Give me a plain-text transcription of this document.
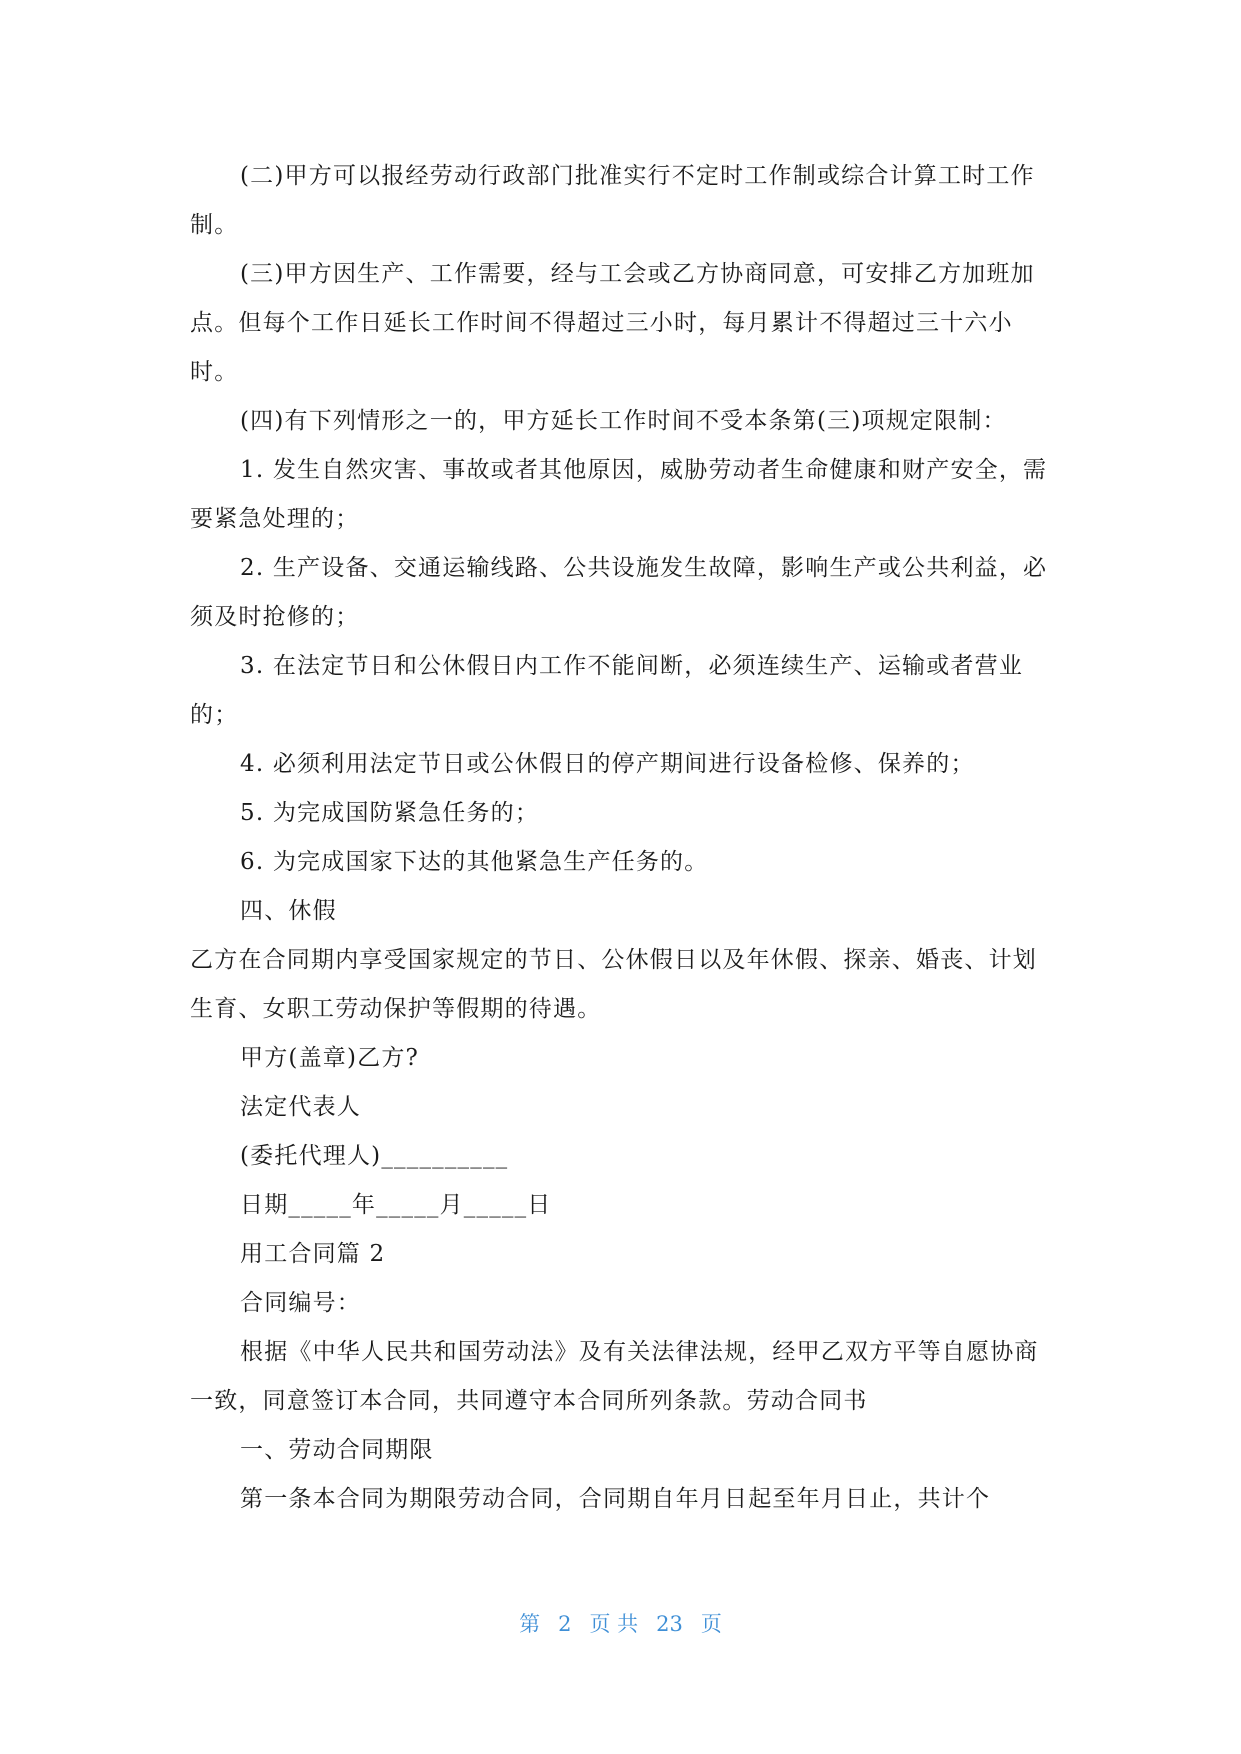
(二)甲方可以报经劳动行政部门批准实行不定时工作制或综合计算工时工作制。

(三)甲方因生产、工作需要，经与工会或乙方协商同意，可安排乙方加班加点。但每个工作日延长工作时间不得超过三小时，每月累计不得超过三十六小时。

(四)有下列情形之一的，甲方延长工作时间不受本条第(三)项规定限制：

1. 发生自然灾害、事故或者其他原因，威胁劳动者生命健康和财产安全，需要紧急处理的；

2. 生产设备、交通运输线路、公共设施发生故障，影响生产或公共利益，必须及时抢修的；

3. 在法定节日和公休假日内工作不能间断，必须连续生产、运输或者营业的；

4. 必须利用法定节日或公休假日的停产期间进行设备检修、保养的；

5. 为完成国防紧急任务的；

6. 为完成国家下达的其他紧急生产任务的。

四、休假

乙方在合同期内享受国家规定的节日、公休假日以及年休假、探亲、婚丧、计划生育、女职工劳动保护等假期的待遇。

甲方(盖章)乙方?

法定代表人

(委托代理人)__________

日期_____年_____月_____日

用工合同篇 2

合同编号：

根据《中华人民共和国劳动法》及有关法律法规，经甲乙双方平等自愿协商一致，同意签订本合同，共同遵守本合同所列条款。劳动合同书

一、劳动合同期限

第一条本合同为期限劳动合同，合同期自年月日起至年月日止，共计个

第 2 页 共 23 页
